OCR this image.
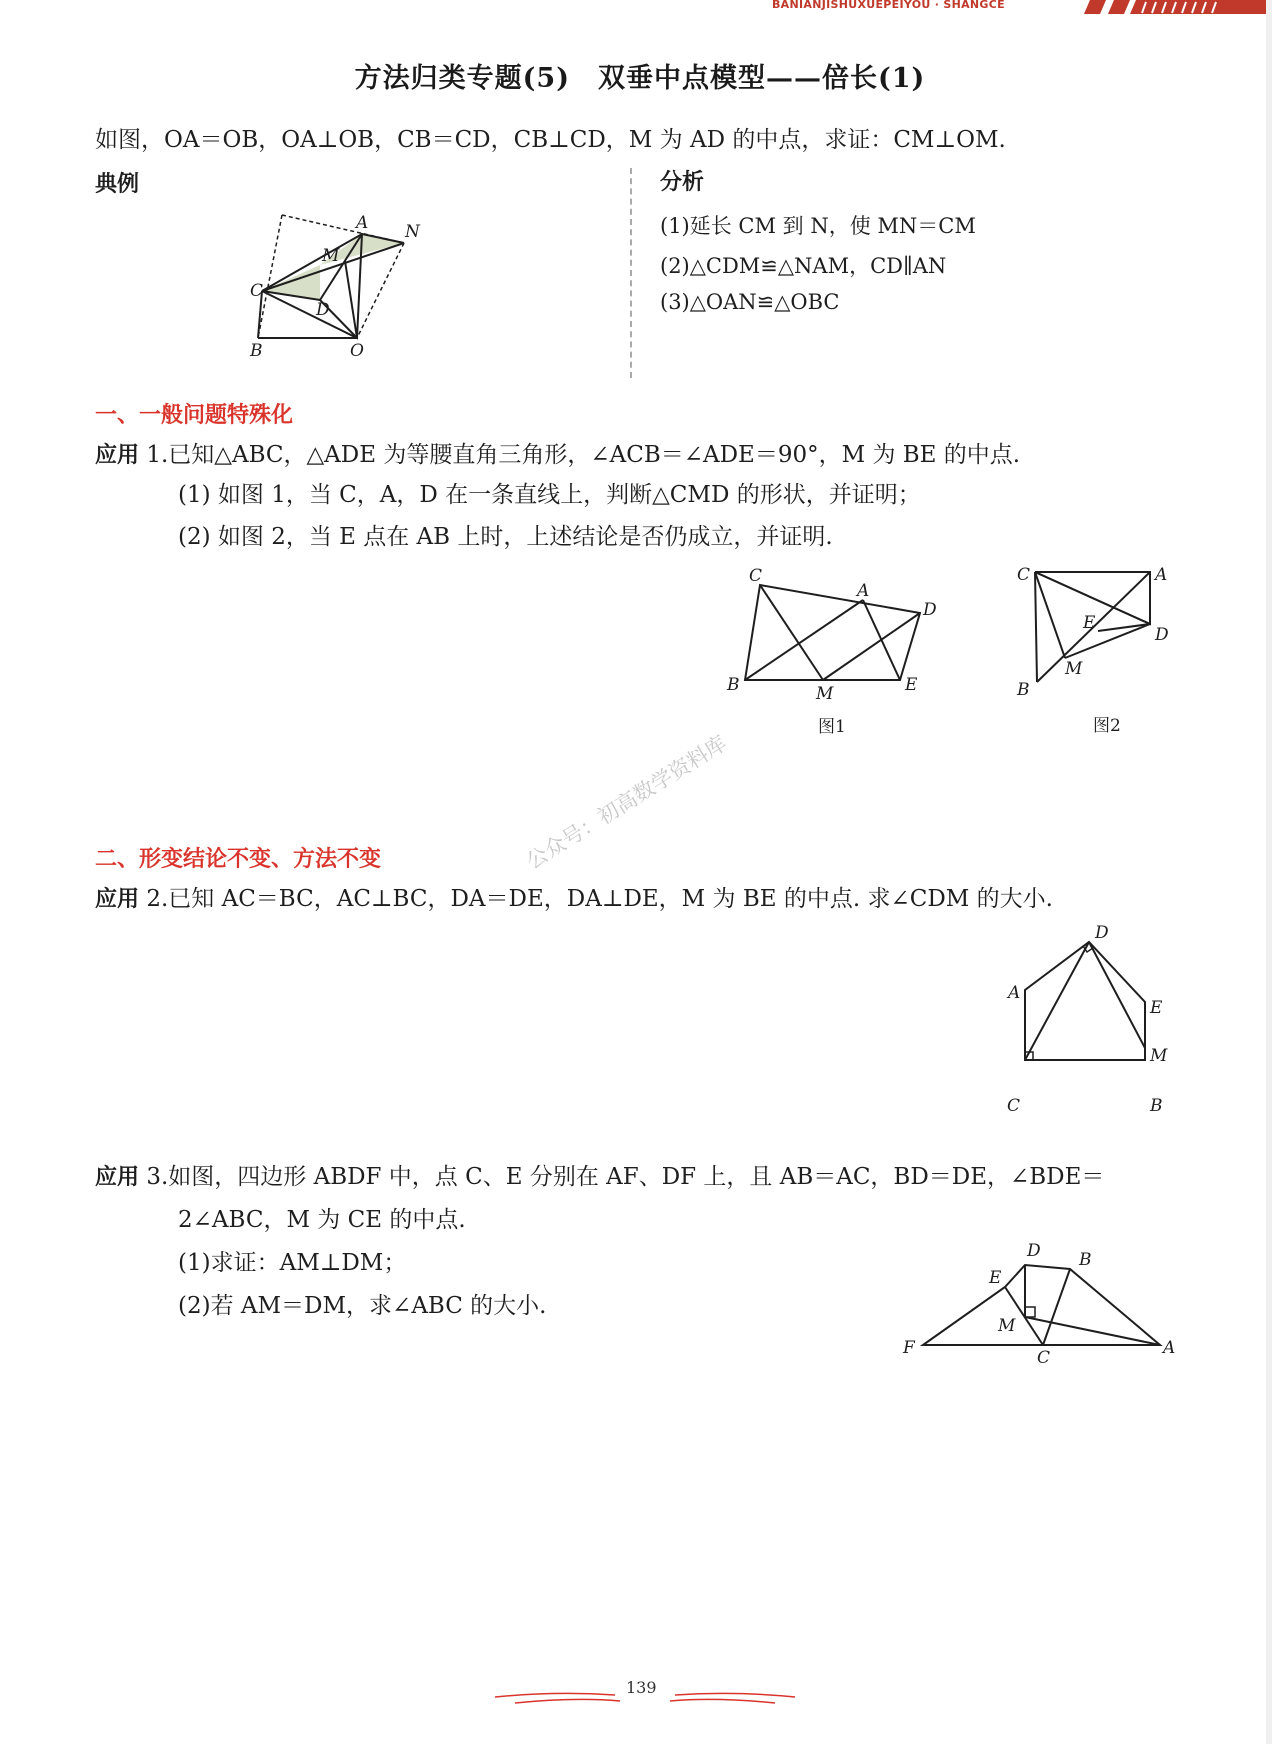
BANIANJISHUXUEPEIYOU · SHANGCE
方法归类专题(5)　双垂中点模型——倍长(1)
如图，OA＝OB，OA⊥OB，CB＝CD，CB⊥CD，M 为 AD 的中点，求证：CM⊥OM.
典例	分析
(1)延长 CM 到 N，使 MN＝CM
(2)△CDM≌△NAM，CD∥AN
(3)△OAN≌△OBC
A N
M
C
D
B	O
一、一般问题特殊化
应用 1.已知△ABC，△ADE 为等腰直角三角形，∠ACB＝∠ADE＝90°，M 为 BE 的中点.
(1) 如图 1，当 C，A，D 在一条直线上，判断△CMD 的形状，并证明；
(2) 如图 2，当 E 点在 AB 上时，上述结论是否仍成立，并证明.
C
A
D
B	M	E
图1
C	A
E
D
M
B
图2
二、形变结论不变、方法不变
应用 2.已知 AC＝BC，AC⊥BC，DA＝DE，DA⊥DE，M 为 BE 的中点. 求∠CDM 的大小.
D
A
E
M
C	B
应用 3.如图，四边形 ABDF 中，点 C、E 分别在 AF、DF 上，且 AB＝AC，BD＝DE，∠BDE＝
2∠ABC，M 为 CE 的中点.
(1)求证：AM⊥DM；
(2)若 AM＝DM，求∠ABC 的大小.
D B
E
M
F	C	A
公众号：初高数学资料库
139
